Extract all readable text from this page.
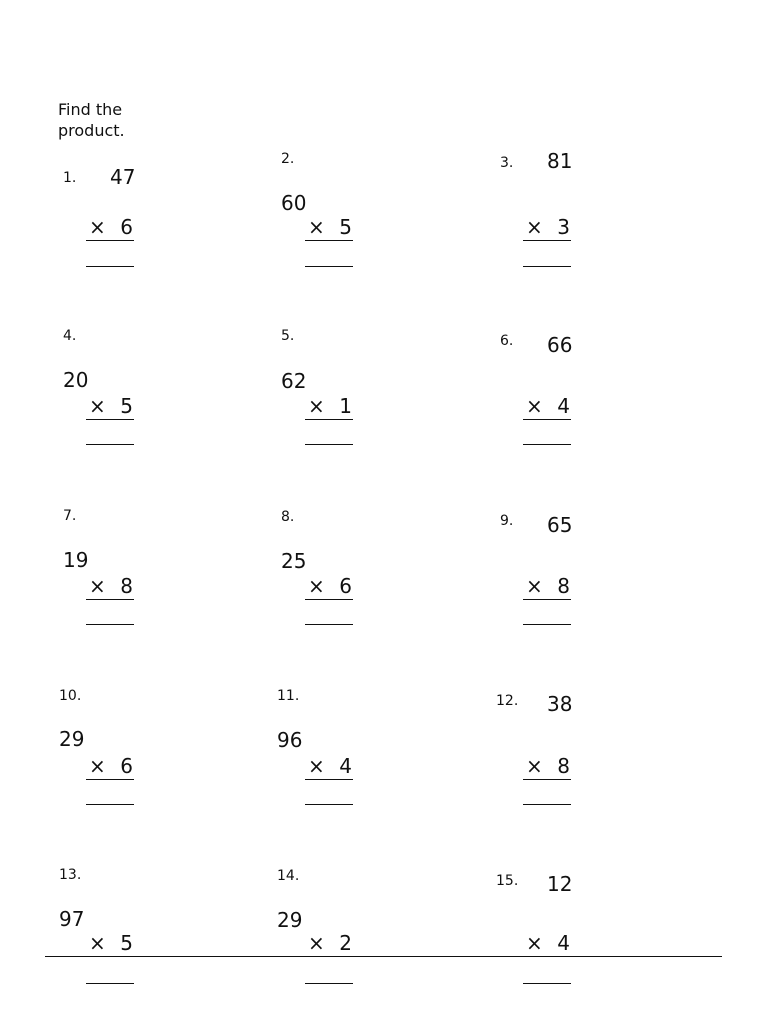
Find the
product.
1. 47
× 6
2.
60
× 5
3. 81
× 3
4.
20
× 5
5.
62
× 1
6. 66
× 4
7.
19
× 8
8.
25
× 6
9. 65
× 8
10.
29
× 6
11.
96
× 4
12. 38
× 8
13.
97
× 5
14.
29
× 2
15. 12
× 4
